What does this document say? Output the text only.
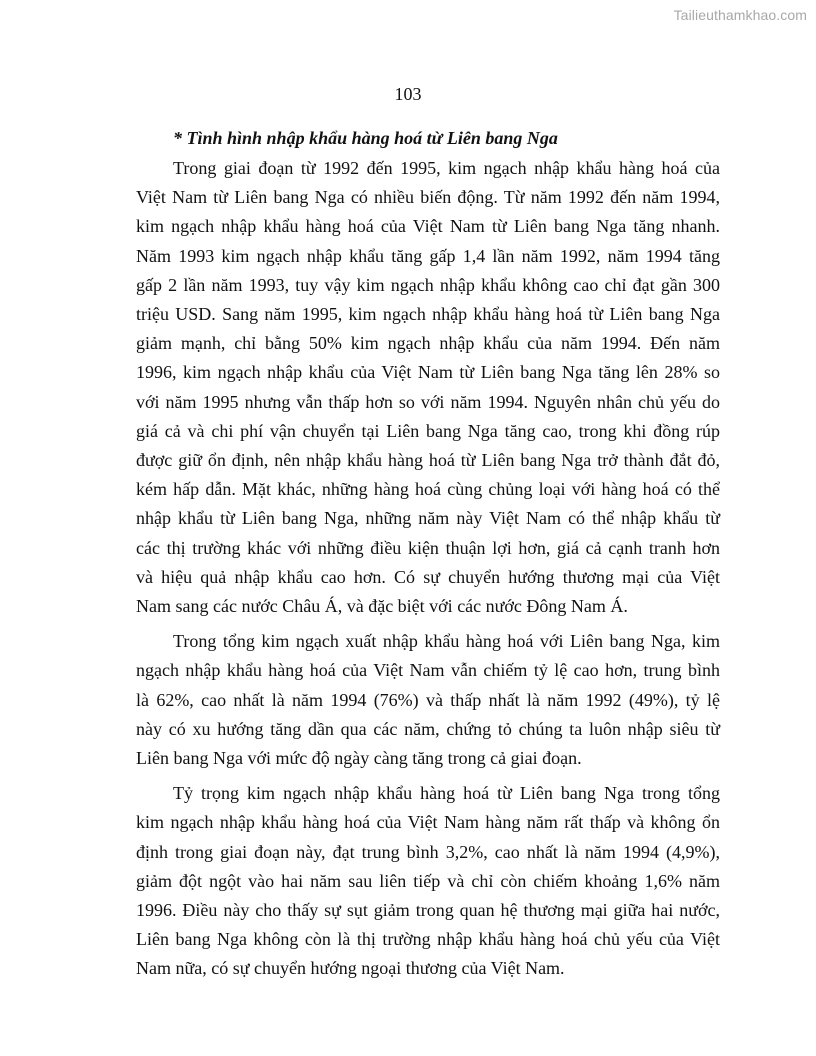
Tailieuthamkhao.com
103
* Tình hình nhập khẩu hàng hoá từ Liên bang Nga
Trong giai đoạn từ 1992 đến 1995, kim ngạch nhập khẩu hàng hoá của
Việt Nam từ Liên bang Nga có nhiều biến động. Từ năm 1992 đến năm 1994,
kim ngạch nhập khẩu hàng hoá của Việt Nam từ Liên bang Nga tăng nhanh.
Năm 1993 kim ngạch nhập khẩu tăng gấp 1,4 lần năm 1992, năm 1994 tăng
gấp 2 lần năm 1993, tuy vậy kim ngạch nhập khẩu không cao chỉ đạt gần 300
triệu USD. Sang năm 1995, kim ngạch nhập khẩu hàng hoá từ Liên bang Nga
giảm mạnh, chỉ bằng 50% kim ngạch nhập khẩu của năm 1994. Đến năm
1996, kim ngạch nhập khẩu của Việt Nam từ Liên bang Nga tăng lên 28% so
với năm 1995 nhưng vẫn thấp hơn so với năm 1994. Nguyên nhân chủ yếu do
giá cả và chi phí vận chuyển tại Liên bang Nga tăng cao, trong khi đồng rúp
được giữ ổn định, nên nhập khẩu hàng hoá từ Liên bang Nga trở thành đắt đỏ,
kém hấp dẫn. Mặt khác, những hàng hoá cùng chủng loại với hàng hoá có thể
nhập khẩu từ Liên bang Nga, những năm này Việt Nam có thể nhập khẩu từ
các thị trường khác với những điều kiện thuận lợi hơn, giá cả cạnh tranh hơn
và hiệu quả nhập khẩu cao hơn. Có sự chuyển hướng thương mại của Việt
Nam sang các nước Châu Á, và đặc biệt với các nước Đông Nam Á.
Trong tổng kim ngạch xuất nhập khẩu hàng hoá với Liên bang Nga, kim
ngạch nhập khẩu hàng hoá của Việt Nam vẫn chiếm tỷ lệ cao hơn, trung bình
là 62%, cao nhất là năm 1994 (76%) và thấp nhất là năm 1992 (49%), tỷ lệ
này có xu hướng tăng dần qua các năm, chứng tỏ chúng ta luôn nhập siêu từ
Liên bang Nga với mức độ ngày càng tăng trong cả giai đoạn.
Tỷ trọng kim ngạch nhập khẩu hàng hoá từ Liên bang Nga trong tổng
kim ngạch nhập khẩu hàng hoá của Việt Nam hàng năm rất thấp và không ổn
định trong giai đoạn này, đạt trung bình 3,2%, cao nhất là năm 1994 (4,9%),
giảm đột ngột vào hai năm sau liên tiếp và chỉ còn chiếm khoảng 1,6% năm
1996. Điều này cho thấy sự sụt giảm trong quan hệ thương mại giữa hai nước,
Liên bang Nga không còn là thị trường nhập khẩu hàng hoá chủ yếu của Việt
Nam nữa, có sự chuyển hướng ngoại thương của Việt Nam.
